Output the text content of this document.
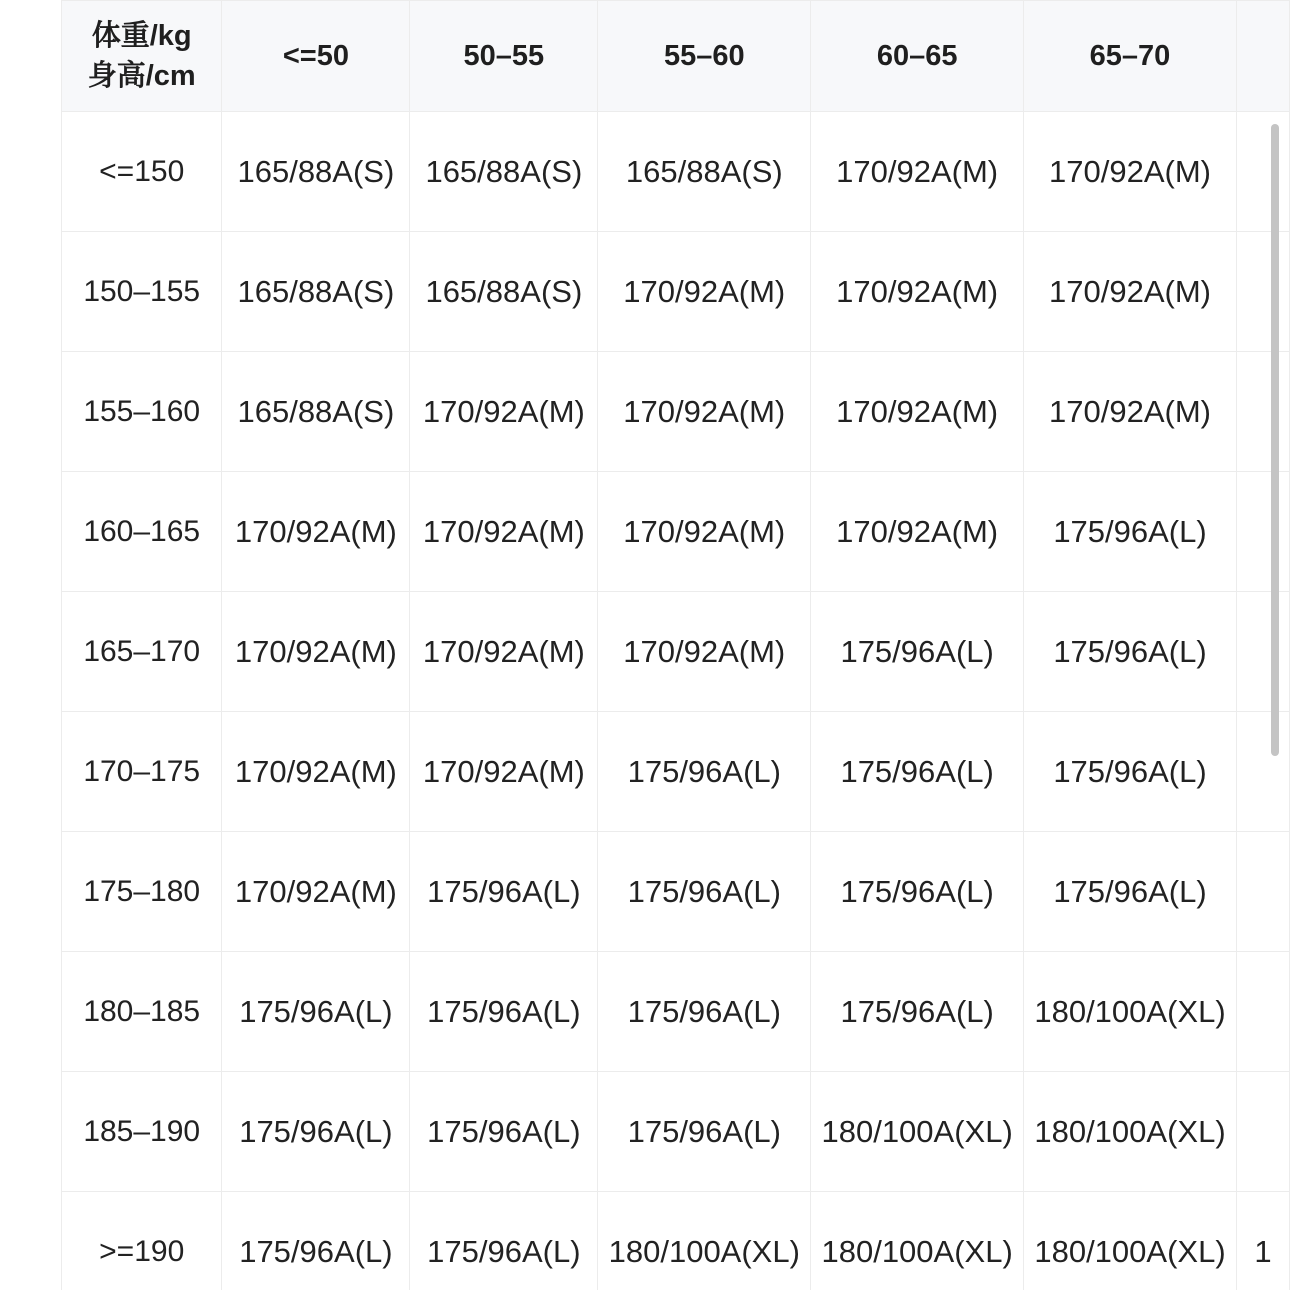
体重/kg
身高/cm	<=50	50–55	55–60	60–65	65–70	
<=150	165/88A(S)	165/88A(S)	165/88A(S)	170/92A(M)	170/92A(M)	
150–155	165/88A(S)	165/88A(S)	170/92A(M)	170/92A(M)	170/92A(M)	
155–160	165/88A(S)	170/92A(M)	170/92A(M)	170/92A(M)	170/92A(M)	
160–165	170/92A(M)	170/92A(M)	170/92A(M)	170/92A(M)	175/96A(L)	
165–170	170/92A(M)	170/92A(M)	170/92A(M)	175/96A(L)	175/96A(L)	
170–175	170/92A(M)	170/92A(M)	175/96A(L)	175/96A(L)	175/96A(L)	
175–180	170/92A(M)	175/96A(L)	175/96A(L)	175/96A(L)	175/96A(L)	
180–185	175/96A(L)	175/96A(L)	175/96A(L)	175/96A(L)	180/100A(XL)	
185–190	175/96A(L)	175/96A(L)	175/96A(L)	180/100A(XL)	180/100A(XL)	
>=190	175/96A(L)	175/96A(L)	180/100A(XL)	180/100A(XL)	180/100A(XL)	1
